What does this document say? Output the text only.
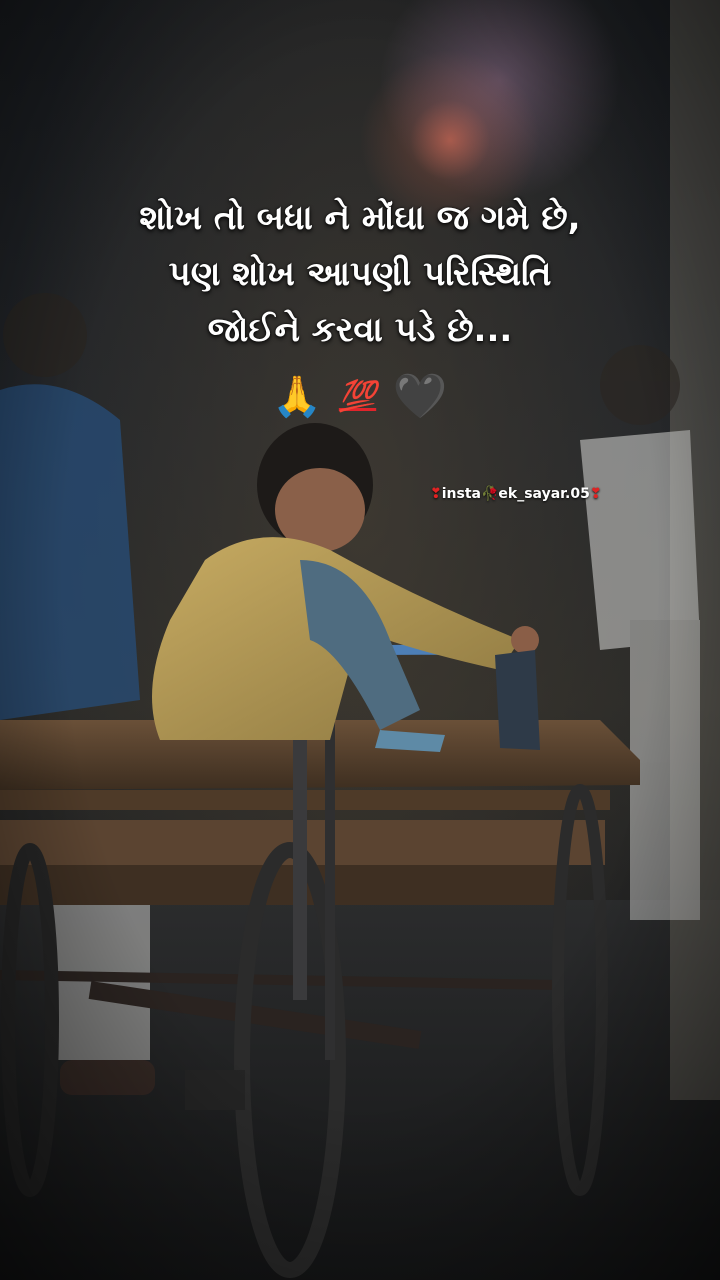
શોખ તો બધા ને મોંઘા જ ગમે છે,
પણ શોખ આપણી પરિસ્થિતિ
જોઈને કરવા પડે છે...
🙏 💯 🖤
❣insta🥀ek_sayar.05❣
